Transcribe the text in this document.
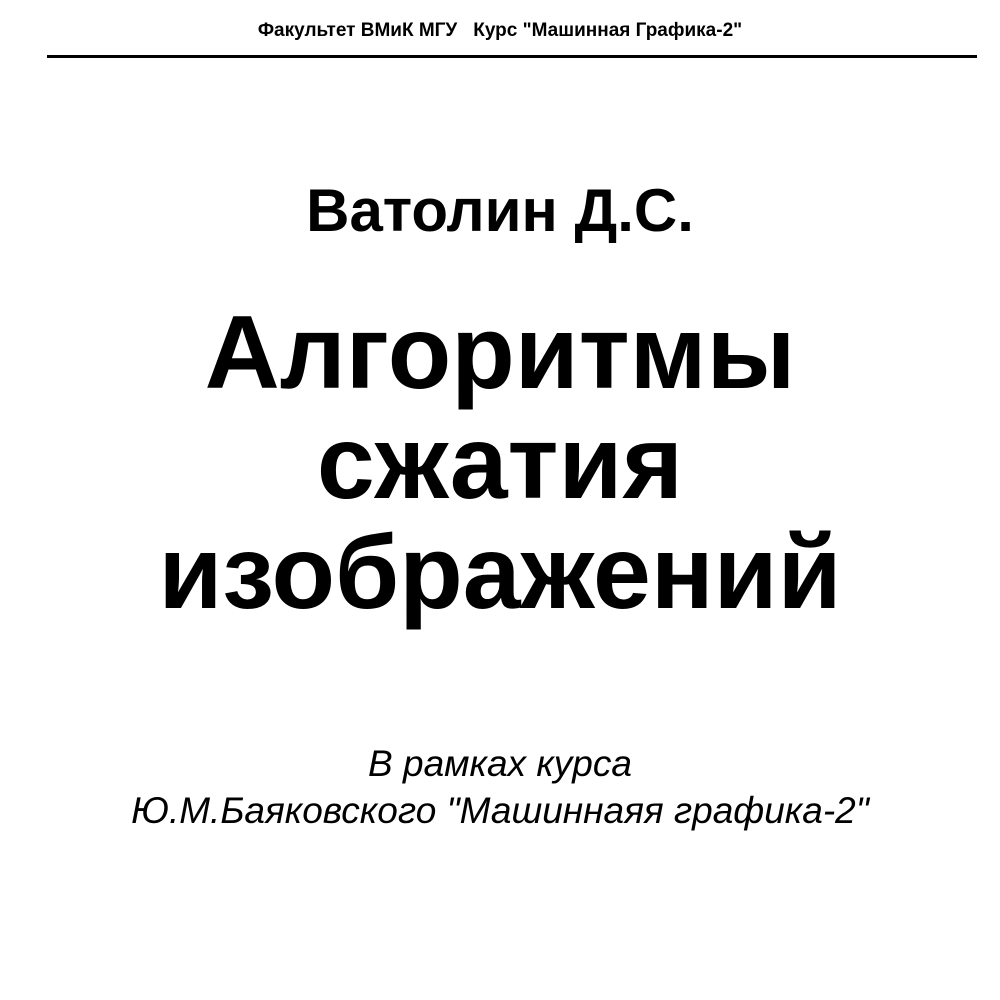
Факультет ВМиК МГУ Курс "Машинная Графика-2"
Ватолин Д.С.
Алгоритмы
сжатия
изображений
В рамках курса
Ю.М.Баяковского "Машиннаяя графика-2"
